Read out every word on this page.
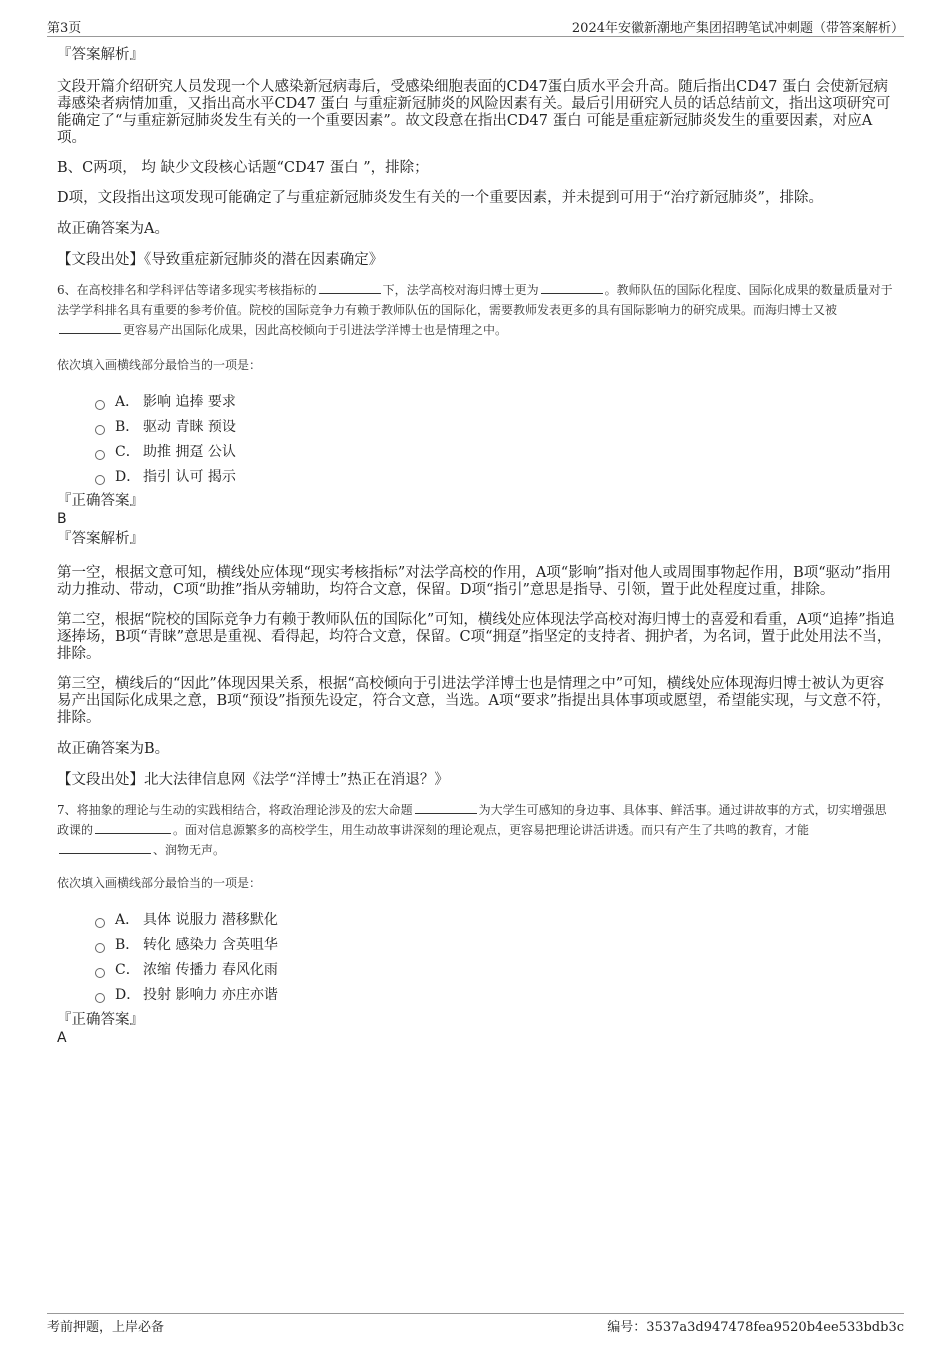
第3页	2024年安徽新潮地产集团招聘笔试冲刺题（带答案解析）

『答案解析』

文段开篇介绍研究人员发现一个人感染新冠病毒后，受感染细胞表面的CD47蛋白质水平会升高。随后指出CD47 蛋白 会使新冠病毒感染者病情加重，又指出高水平CD47 蛋白 与重症新冠肺炎的风险因素有关。最后引用研究人员的话总结前文，指出这项研究可能确定了“与重症新冠肺炎发生有关的一个重要因素”。故文段意在指出CD47 蛋白 可能是重症新冠肺炎发生的重要因素，对应A项。

B、C两项， 均 缺少文段核心话题“CD47 蛋白 ”，排除；

D项，文段指出这项发现可能确定了与重症新冠肺炎发生有关的一个重要因素，并未提到可用于“治疗新冠肺炎”，排除。

故正确答案为A。

【文段出处】《导致重症新冠肺炎的潜在因素确定》

6、在高校排名和学科评估等诸多现实考核指标的	下，法学高校对海归博士更为	。教师队伍的国际化程度、国际化成果的数量质量对于法学学科排名具有重要的参考价值。院校的国际竞争力有赖于教师队伍的国际化，需要教师发表更多的具有国际影响力的研究成果。而海归博士又被更容易产出国际化成果，因此高校倾向于引进法学洋博士也是情理之中。

依次填入画横线部分最恰当的一项是：

A． 影响 追捧 要求
B． 驱动 青睐 预设
C． 助推 拥趸 公认
D． 指引 认可 揭示

『正确答案』

B

『答案解析』

第一空，根据文意可知，横线处应体现“现实考核指标”对法学高校的作用，A项“影响”指对他人或周围事物起作用，B项“驱动”指用动力推动、带动，C项“助推”指从旁辅助，均符合文意，保留。D项“指引”意思是指导、引领，置于此处程度过重，排除。

第二空，根据“院校的国际竞争力有赖于教师队伍的国际化”可知，横线处应体现法学高校对海归博士的喜爱和看重，A项“追捧”指追逐捧场，B项“青睐”意思是重视、看得起，均符合文意，保留。C项“拥趸”指坚定的支持者、拥护者，为名词，置于此处用法不当，排除。

第三空，横线后的“因此”体现因果关系，根据“高校倾向于引进法学洋博士也是情理之中”可知，横线处应体现海归博士被认为更容易产出国际化成果之意，B项“预设”指预先设定，符合文意，当选。A项“要求”指提出具体事项或愿望，希望能实现，与文意不符，排除。

故正确答案为B。

【文段出处】北大法律信息网《法学“洋博士”热正在消退？》

7、将抽象的理论与生动的实践相结合，将政治理论涉及的宏大命题	为大学生可感知的身边事、具体事、鲜活事。通过讲故事的方式，切实增强思政课的	。面对信息源繁多的高校学生，用生动故事讲深刻的理论观点，更容易把理论讲活讲透。而只有产生了共鸣的教育，才能、润物无声。

依次填入画横线部分最恰当的一项是：

A． 具体 说服力 潜移默化
B． 转化 感染力 含英咀华
C． 浓缩 传播力 春风化雨
D． 投射 影响力 亦庄亦谐

『正确答案』

A

考前押题，上岸必备	编号：3537a3d947478fea9520b4ee533bdb3c
